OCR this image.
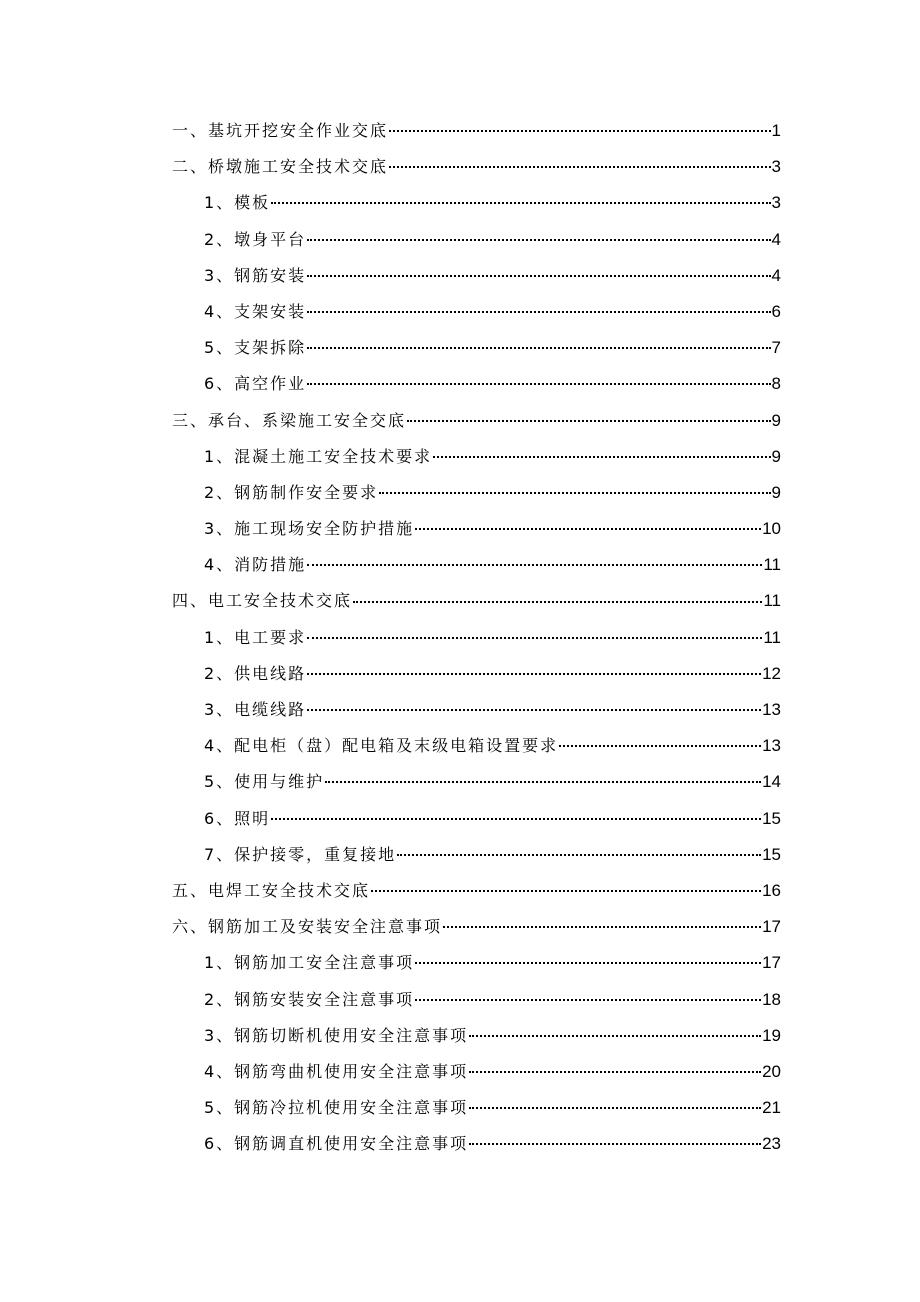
一、基坑开挖安全作业交底	1
二、桥墩施工安全技术交底	3
1、模板	3
2、墩身平台	4
3、钢筋安装	4
4、支架安装	6
5、支架拆除	7
6、高空作业	8
三、承台、系梁施工安全交底	9
1、混凝土施工安全技术要求	9
2、钢筋制作安全要求	9
3、施工现场安全防护措施	10
4、消防措施	11
四、电工安全技术交底	11
1、电工要求	11
2、供电线路	12
3、电缆线路	13
4、配电柜（盘）配电箱及末级电箱设置要求	13
5、使用与维护	14
6、照明	15
7、保护接零，重复接地	15
五、电焊工安全技术交底	16
六、钢筋加工及安装安全注意事项	17
1、钢筋加工安全注意事项	17
2、钢筋安装安全注意事项	18
3、钢筋切断机使用安全注意事项	19
4、钢筋弯曲机使用安全注意事项	20
5、钢筋冷拉机使用安全注意事项	21
6、钢筋调直机使用安全注意事项	23
